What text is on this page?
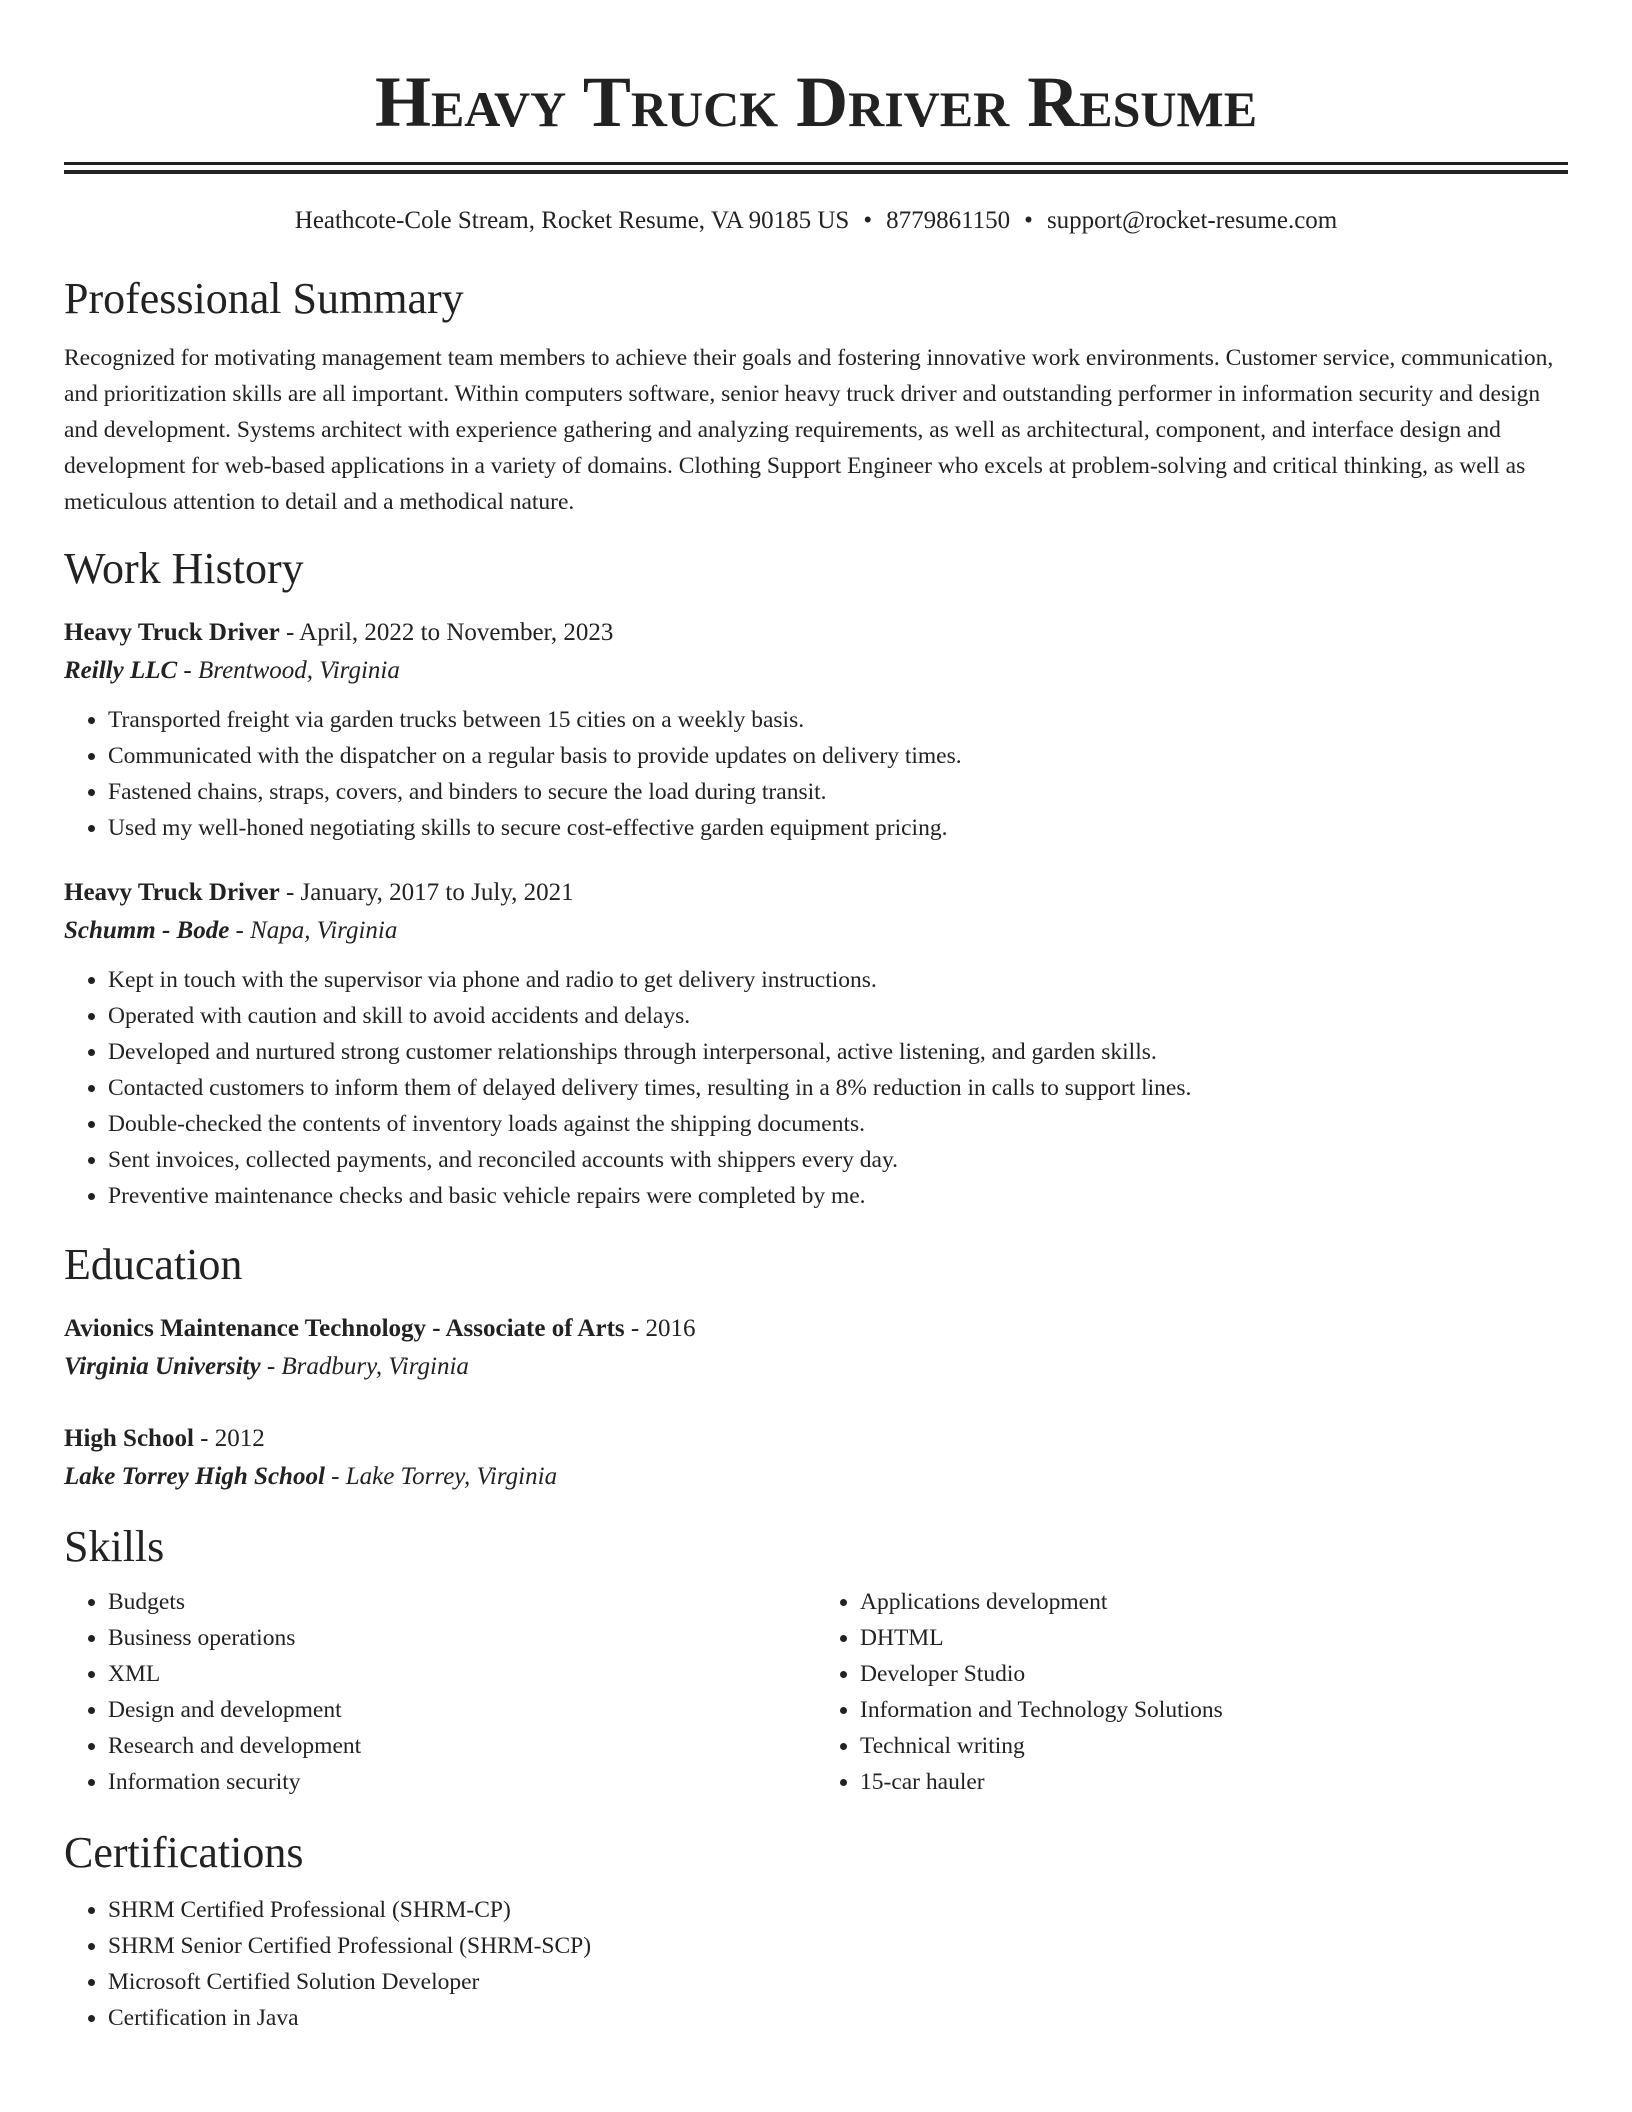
Heavy Truck Driver Resume
Heathcote-Cole Stream, Rocket Resume, VA 90185 US • 8779861150 • support@rocket-resume.com
Professional Summary

Recognized for motivating management team members to achieve their goals and fostering innovative work environments. Customer service, communication, and prioritization skills are all important. Within computers software, senior heavy truck driver and outstanding performer in information security and design and development. Systems architect with experience gathering and analyzing requirements, as well as architectural, component, and interface design and development for web-based applications in a variety of domains. Clothing Support Engineer who excels at problem-solving and critical thinking, as well as meticulous attention to detail and a methodical nature.

Work History
Heavy Truck Driver - April, 2022 to November, 2023
Reilly LLC - Brentwood, Virginia
• Transported freight via garden trucks between 15 cities on a weekly basis.
• Communicated with the dispatcher on a regular basis to provide updates on delivery times.
• Fastened chains, straps, covers, and binders to secure the load during transit.
• Used my well-honed negotiating skills to secure cost-effective garden equipment pricing.
Heavy Truck Driver - January, 2017 to July, 2021
Schumm - Bode - Napa, Virginia
• Kept in touch with the supervisor via phone and radio to get delivery instructions.
• Operated with caution and skill to avoid accidents and delays.
• Developed and nurtured strong customer relationships through interpersonal, active listening, and garden skills.
• Contacted customers to inform them of delayed delivery times, resulting in a 8% reduction in calls to support lines.
• Double-checked the contents of inventory loads against the shipping documents.
• Sent invoices, collected payments, and reconciled accounts with shippers every day.
• Preventive maintenance checks and basic vehicle repairs were completed by me.
Education
Avionics Maintenance Technology - Associate of Arts - 2016
Virginia University - Bradbury, Virginia
High School - 2012
Lake Torrey High School - Lake Torrey, Virginia
Skills
• Budgets
• Business operations
• XML
• Design and development
• Research and development
• Information security
• Applications development
• DHTML
• Developer Studio
• Information and Technology Solutions
• Technical writing
• 15-car hauler
Certifications
• SHRM Certified Professional (SHRM-CP)
• SHRM Senior Certified Professional (SHRM-SCP)
• Microsoft Certified Solution Developer
• Certification in Java
